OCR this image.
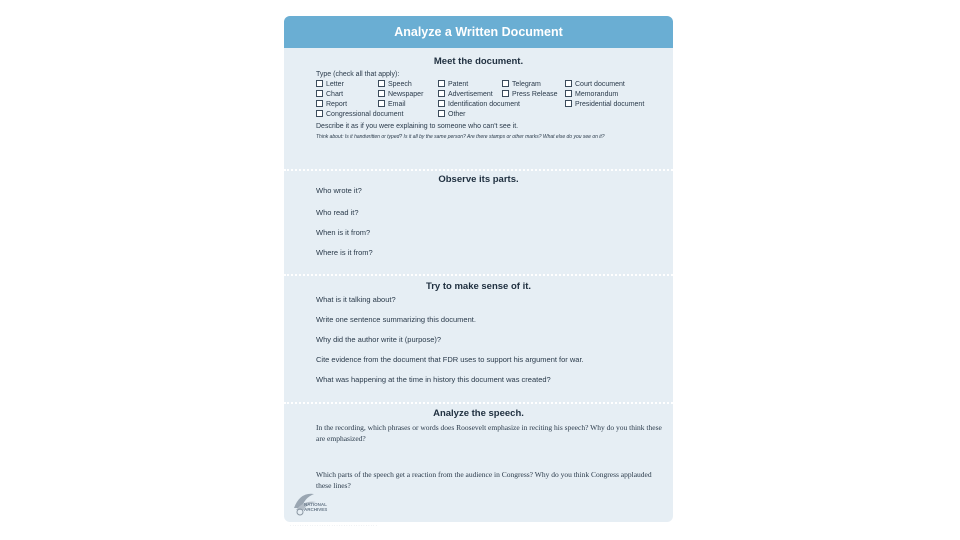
Analyze a Written Document
Meet the document.
Type (check all that apply):
Letter
Chart
Report
Congressional document
Speech
Newspaper
Email
Other
Patent
Advertisement
Identification document
Telegram
Press Release
Court document
Memorandum
Presidential document
Describe it as if you were explaining to someone who can't see it.
Think about: Is it handwritten or typed? Is it all by the same person? Are there stamps or other marks? What else do you see on it?
Observe its parts.
Who wrote it?
Who read it?
When is it from?
Where is it from?
Try to make sense of it.
What is it talking about?
Write one sentence summarizing this document.
Why did the author write it (purpose)?
Cite evidence from the document that FDR uses to support his argument for war.
What was happening at the time in history this document was created?
Analyze the speech.
In the recording, which phrases or words does Roosevelt emphasize in reciting his speech? Why do you think these are emphasized?
Which parts of the speech get a reaction from the audience in Congress? Why do you think Congress applauded these lines?
NATIONAL ARCHIVES
· · · · · · · · · · · · · · · · · · · · · · · · · · · · · · · · · · · ·
